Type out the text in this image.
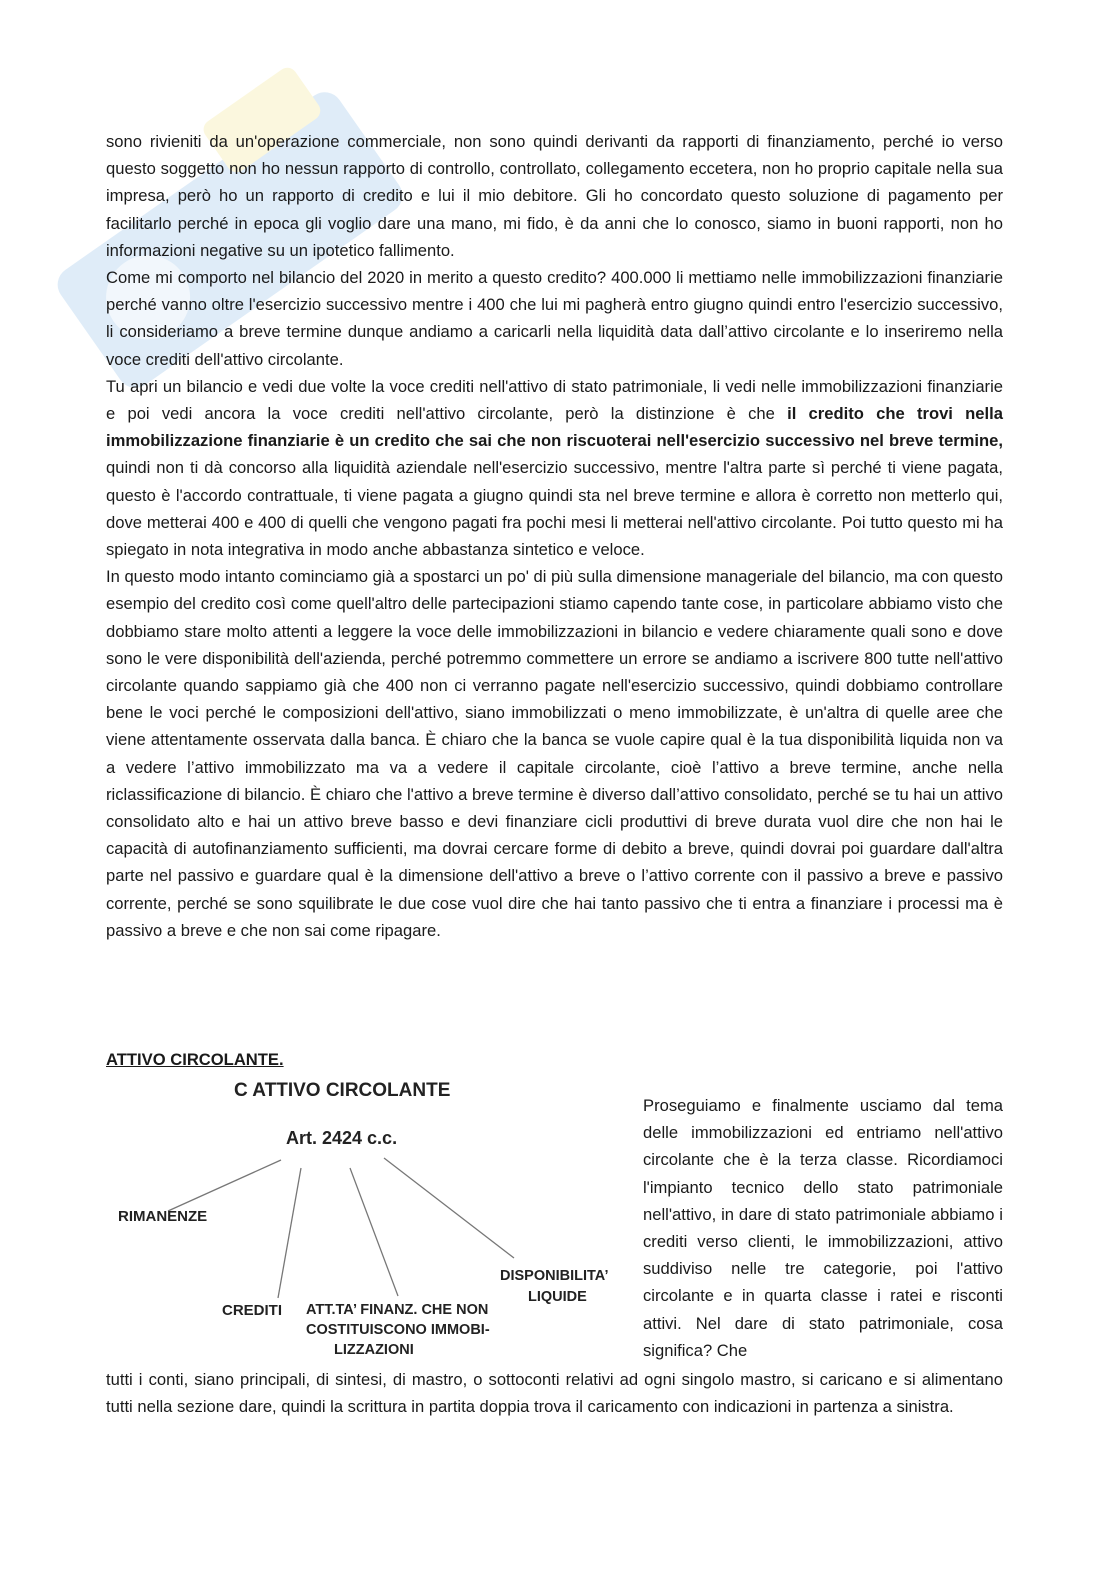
sono rivieniti da un'operazione commerciale, non sono quindi derivanti da rapporti di finanziamento, perché io verso questo soggetto non ho nessun rapporto di controllo, controllato, collegamento eccetera, non ho proprio capitale nella sua impresa, però ho un rapporto di credito e lui il mio debitore. Gli ho concordato questo soluzione di pagamento per facilitarlo perché in epoca gli voglio dare una mano, mi fido, è da anni che lo conosco, siamo in buoni rapporti, non ho informazioni negative su un ipotetico fallimento.

Come mi comporto nel bilancio del 2020 in merito a questo credito? 400.000 li mettiamo nelle immobilizzazioni finanziarie perché vanno oltre l'esercizio successivo mentre i 400 che lui mi pagherà entro giugno quindi entro l'esercizio successivo, li consideriamo a breve termine dunque andiamo a caricarli nella liquidità data dall’attivo circolante e lo inseriremo nella voce crediti dell'attivo circolante.

Tu apri un bilancio e vedi due volte la voce crediti nell'attivo di stato patrimoniale, li vedi nelle immobilizzazioni finanziarie e poi vedi ancora la voce crediti nell'attivo circolante, però la distinzione è che il credito che trovi nella immobilizzazione finanziarie è un credito che sai che non riscuoterai nell'esercizio successivo nel breve termine, quindi non ti dà concorso alla liquidità aziendale nell'esercizio successivo, mentre l'altra parte sì perché ti viene pagata, questo è l'accordo contrattuale, ti viene pagata a giugno quindi sta nel breve termine e allora è corretto non metterlo qui, dove metterai 400 e 400 di quelli che vengono pagati fra pochi mesi li metterai nell'attivo circolante. Poi tutto questo mi ha spiegato in nota integrativa in modo anche abbastanza sintetico e veloce.

In questo modo intanto cominciamo già a spostarci un po' di più sulla dimensione manageriale del bilancio, ma con questo esempio del credito così come quell'altro delle partecipazioni stiamo capendo tante cose, in particolare abbiamo visto che dobbiamo stare molto attenti a leggere la voce delle immobilizzazioni in bilancio e vedere chiaramente quali sono e dove sono le vere disponibilità dell'azienda, perché potremmo commettere un errore se andiamo a iscrivere 800 tutte nell'attivo circolante quando sappiamo già che 400 non ci verranno pagate nell'esercizio successivo, quindi dobbiamo controllare bene le voci perché le composizioni dell'attivo, siano immobilizzati o meno immobilizzate, è un'altra di quelle aree che viene attentamente osservata dalla banca. È chiaro che la banca se vuole capire qual è la tua disponibilità liquida non va a vedere l’attivo immobilizzato ma va a vedere il capitale circolante, cioè l’attivo a breve termine, anche nella riclassificazione di bilancio. È chiaro che l'attivo a breve termine è diverso dall’attivo consolidato, perché se tu hai un attivo consolidato alto e hai un attivo breve basso e devi finanziare cicli produttivi di breve durata vuol dire che non hai le capacità di autofinanziamento sufficienti, ma dovrai cercare forme di debito a breve, quindi dovrai poi guardare dall'altra parte nel passivo e guardare qual è la dimensione dell'attivo a breve o l’attivo corrente con il passivo a breve e passivo corrente, perché se sono squilibrate le due cose vuol dire che hai tanto passivo che ti entra a finanziare i processi ma è passivo a breve e che non sai come ripagare.

ATTIVO CIRCOLANTE.

C ATTIVO CIRCOLANTE
Art. 2424 c.c.
RIMANENZE
CREDITI ATT.TA’ FINANZ. CHE NON
COSTITUISCONO IMMOBI-
LIZZAZIONI
DISPONIBILITA’
LIQUIDE

Proseguiamo e finalmente usciamo dal tema delle immobilizzazioni ed entriamo nell'attivo circolante che è la terza classe. Ricordiamoci l'impianto tecnico dello stato patrimoniale nell'attivo, in dare di stato patrimoniale abbiamo i crediti verso clienti, le immobilizzazioni, attivo suddiviso nelle tre categorie, poi l'attivo circolante e in quarta classe i ratei e risconti attivi. Nel dare di stato patrimoniale, cosa significa? Che

tutti i conti, siano principali, di sintesi, di mastro, o sottoconti relativi ad ogni singolo mastro, si caricano e si alimentano tutti nella sezione dare, quindi la scrittura in partita doppia trova il caricamento con indicazioni in partenza a sinistra.
